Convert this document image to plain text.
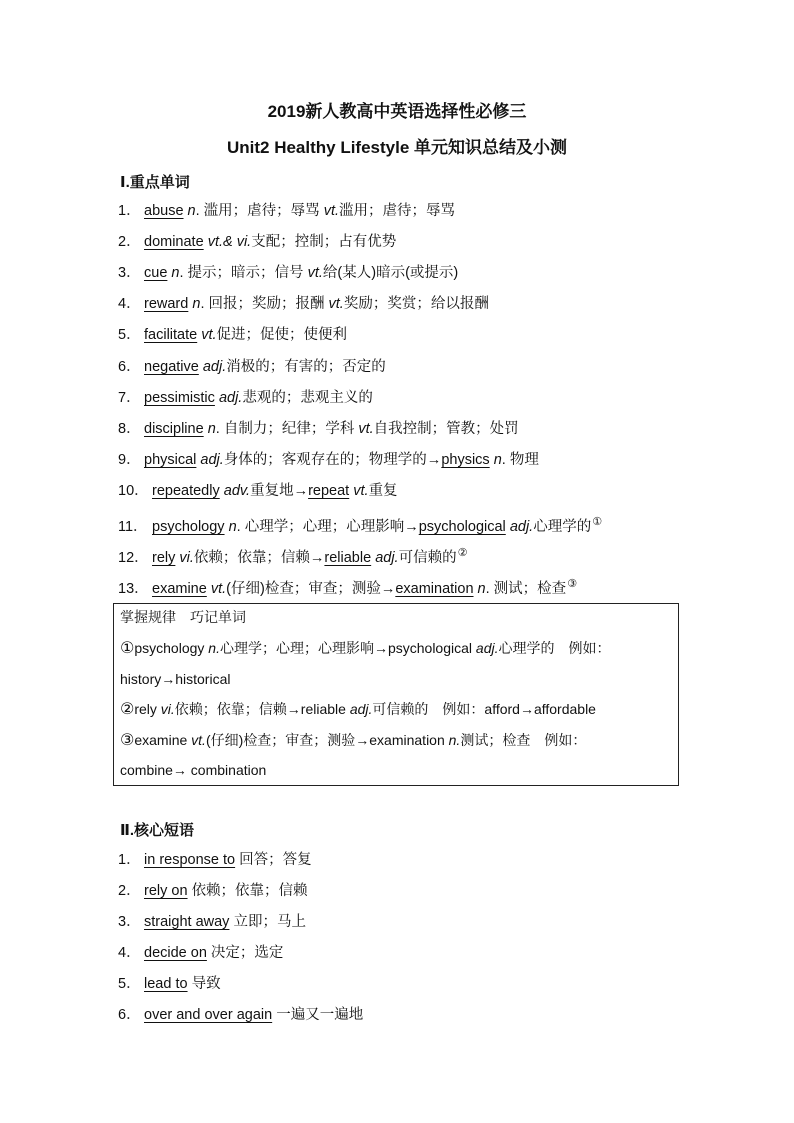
2019新人教高中英语选择性必修三
Unit2 Healthy Lifestyle 单元知识总结及小测
Ⅰ.重点单词
1． abuse n. 滥用；虐待；辱骂 vt.滥用；虐待；辱骂
2． dominate vt.& vi.支配；控制；占有优势
3． cue n. 提示；暗示；信号 vt.给(某人)暗示(或提示)
4． reward n. 回报；奖励；报酬 vt.奖励；奖赏；给以报酬
5． facilitate vt.促进；促使；使便利
6． negative adj.消极的；有害的；否定的
7． pessimistic adj.悲观的；悲观主义的
8． discipline n. 自制力；纪律；学科 vt.自我控制；管教；处罚
9． physical adj.身体的；客观存在的；物理学的→physics n. 物理
10． repeatedly adv.重复地→repeat vt.重复
11． psychology n. 心理学；心理；心理影响→psychological adj.心理学的①
12． rely vi.依赖；依靠；信赖→reliable adj.可信赖的②
13． examine vt.(仔细)检查；审查；测验→examination n. 测试；检查③
掌握规律　巧记单词
①psychology n.心理学；心理；心理影响→psychological adj.心理学的　例如：
history→historical
②rely vi.依赖；依靠；信赖→reliable adj.可信赖的　例如：afford→affordable
③examine vt.(仔细)检查；审查；测验→examination n.测试；检查　例如：
combine→ combination
Ⅱ.核心短语
1． in response to 回答；答复
2． rely on 依赖；依靠；信赖
3． straight away 立即；马上
4． decide on 决定；选定
5． lead to 导致
6． over and over again 一遍又一遍地
